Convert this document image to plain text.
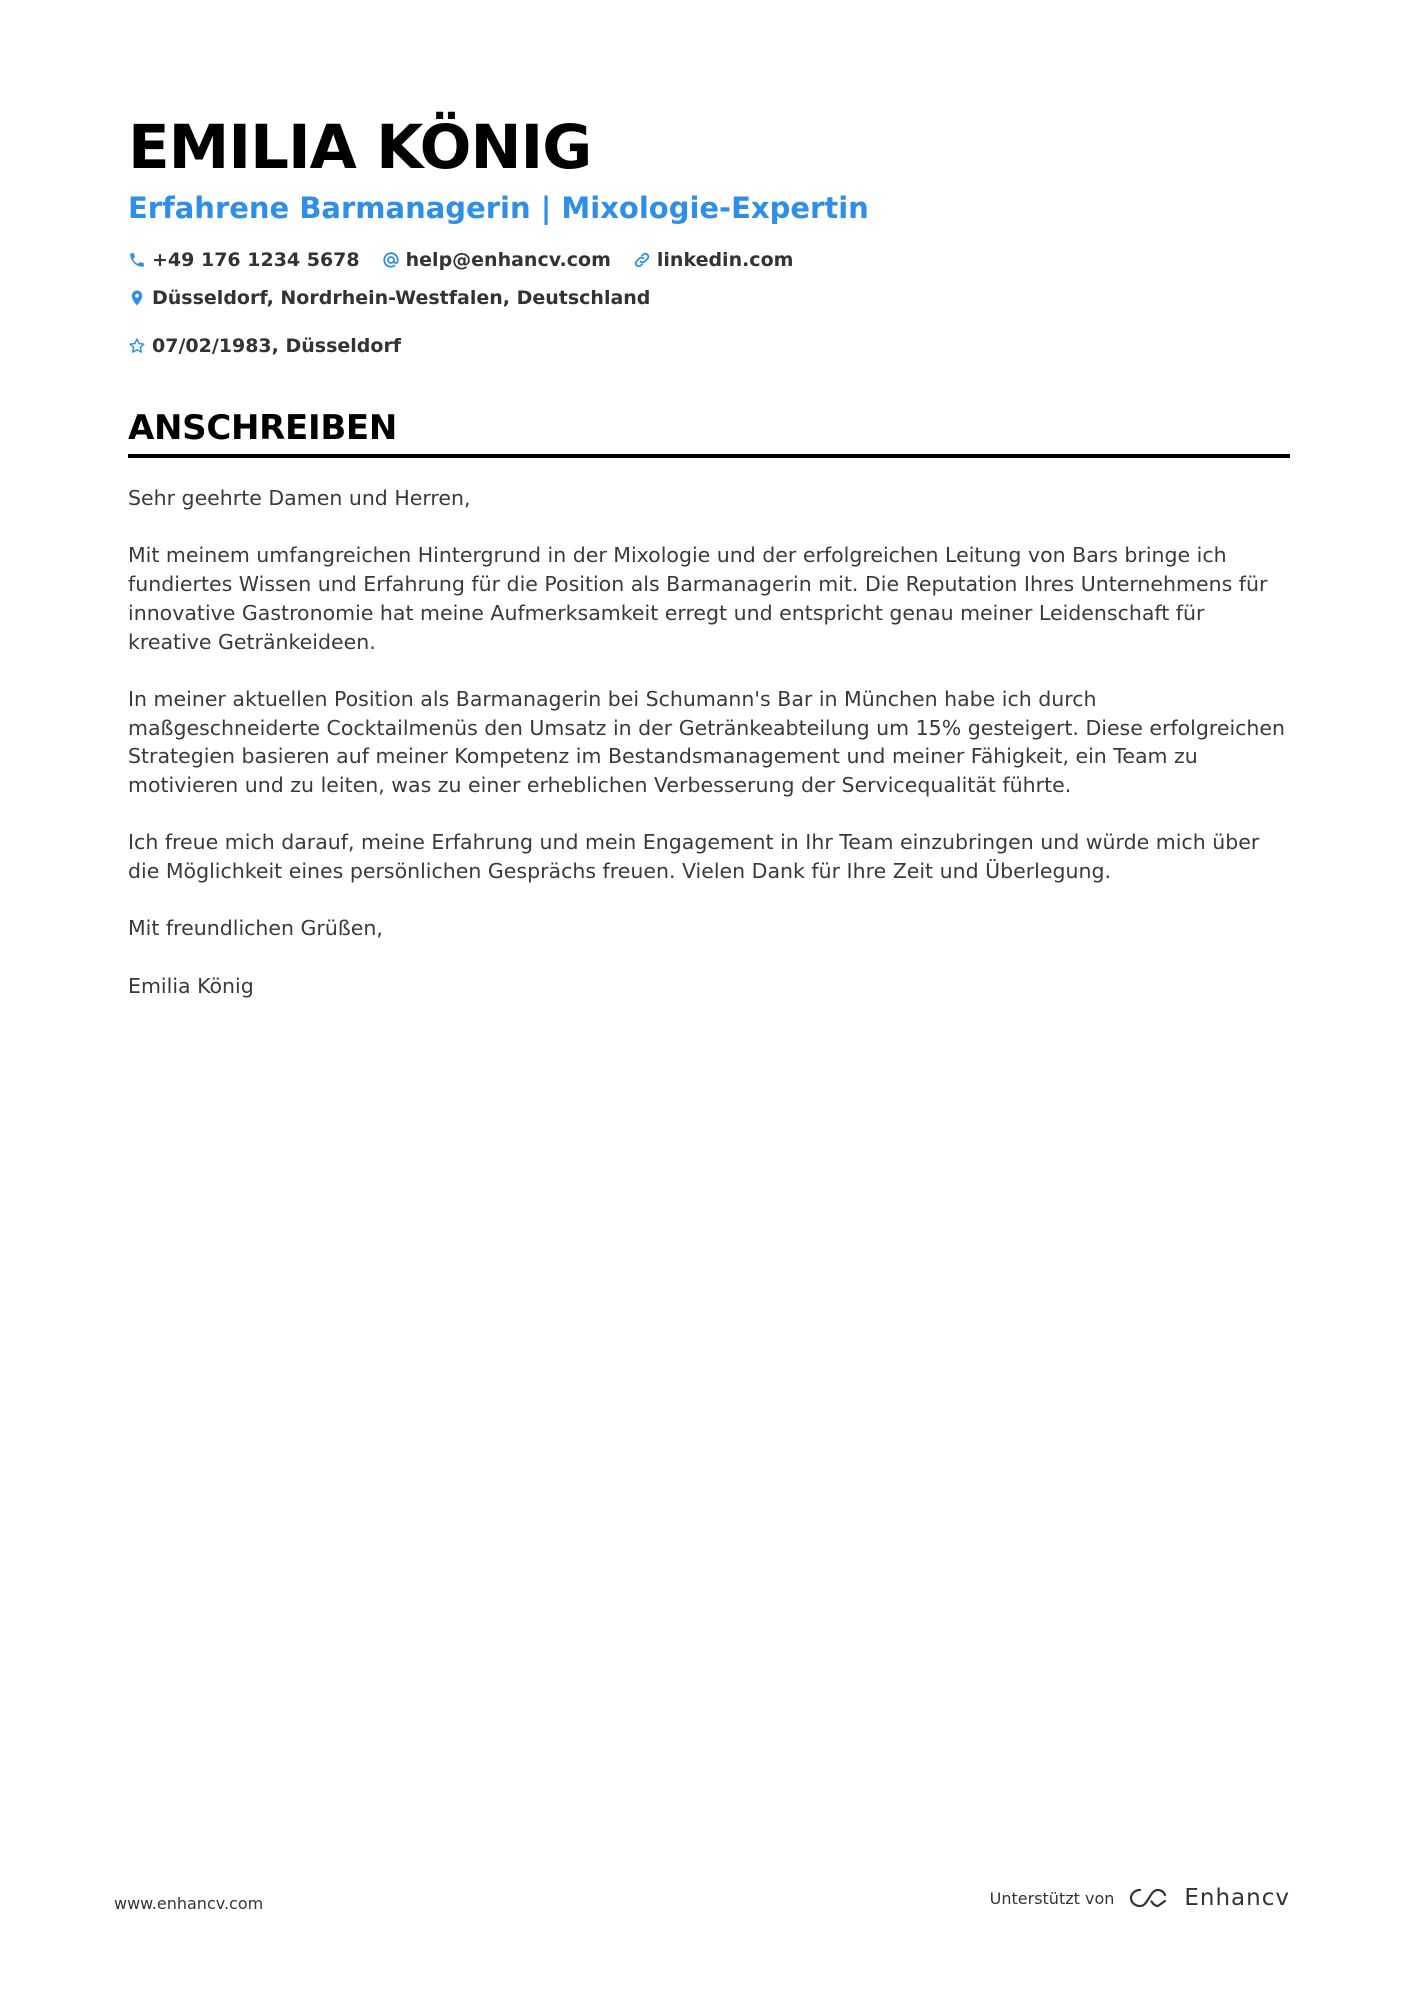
EMILIA KÖNIG
Erfahrene Barmanagerin | Mixologie-Expertin
+49 176 1234 5678 help@enhancv.com linkedin.com
Düsseldorf, Nordrhein-Westfalen, Deutschland
07/02/1983, Düsseldorf
ANSCHREIBEN

Sehr geehrte Damen und Herren,

Mit meinem umfangreichen Hintergrund in der Mixologie und der erfolgreichen Leitung von Bars bringe ich fundiertes Wissen und Erfahrung für die Position als Barmanagerin mit. Die Reputation Ihres Unternehmens für innovative Gastronomie hat meine Aufmerksamkeit erregt und entspricht genau meiner Leidenschaft für kreative Getränkeideen.

In meiner aktuellen Position als Barmanagerin bei Schumann's Bar in München habe ich durch maßgeschneiderte Cocktailmenüs den Umsatz in der Getränkeabteilung um 15% gesteigert. Diese erfolgreichen Strategien basieren auf meiner Kompetenz im Bestandsmanagement und meiner Fähigkeit, ein Team zu motivieren und zu leiten, was zu einer erheblichen Verbesserung der Servicequalität führte.

Ich freue mich darauf, meine Erfahrung und mein Engagement in Ihr Team einzubringen und würde mich über die Möglichkeit eines persönlichen Gesprächs freuen. Vielen Dank für Ihre Zeit und Überlegung.

Mit freundlichen Grüßen,

Emilia König

www.enhancv.com	Unterstützt von	Enhancv
